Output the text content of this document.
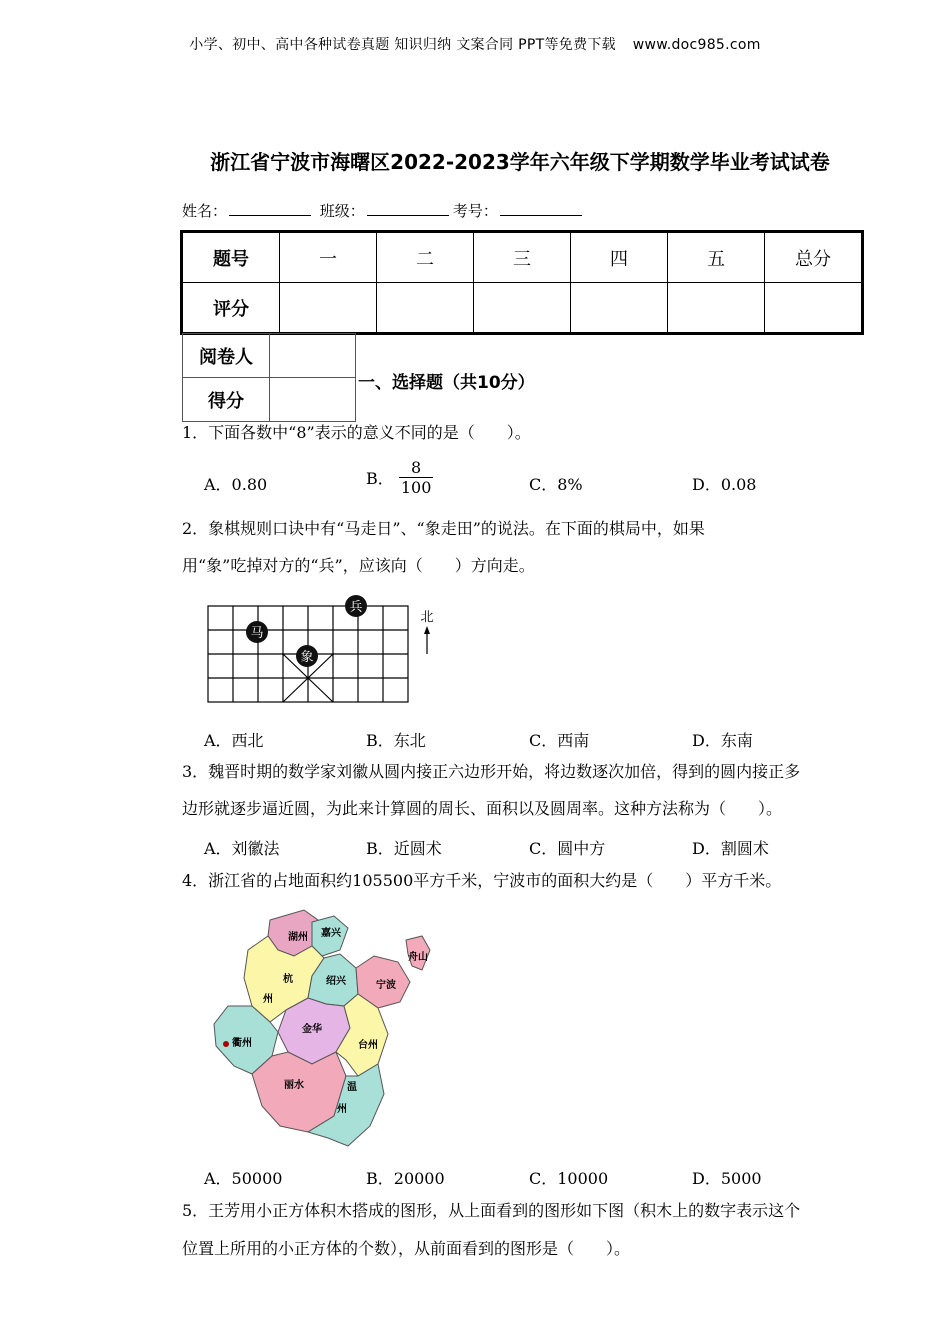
小学、初中、高中各种试卷真题 知识归纳 文案合同 PPT等免费下载 www.doc985.com
浙江省宁波市海曙区2022-2023学年六年级下学期数学毕业考试试卷
姓名：	班级：	考号：
题号	一	二	三	四	五	总分
评分						
阅卷人	
得分	
一、选择题（共10分）
1．下面各数中“8”表示的意义不同的是（　　）。
A．0.80	B． $\frac{8}{100}$	C．8%	D．0.08
2．象棋规则口诀中有“马走日”、“象走田”的说法。在下面的棋局中，如果
用“象”吃掉对方的“兵”，应该向（　　）方向走。
兵
马
象
北
A．西北	B．东北	C．西南	D．东南
3．魏晋时期的数学家刘徽从圆内接正六边形开始，将边数逐次加倍，得到的圆内接正多
边形就逐步逼近圆，为此来计算圆的周长、面积以及圆周率。这种方法称为（　　）。
A．刘徽法	B．近圆术	C．圆中方	D．割圆术
4．浙江省的占地面积约105500平方千米，宁波市的面积大约是（　　）平方千米。
湖州 嘉兴
杭
州
绍兴	宁波
舟山
金华
衢州	台州
丽水	温
州
A．50000	B．20000	C．10000	D．5000
5．王芳用小正方体积木搭成的图形，从上面看到的图形如下图（积木上的数字表示这个
位置上所用的小正方体的个数），从前面看到的图形是（　　）。
